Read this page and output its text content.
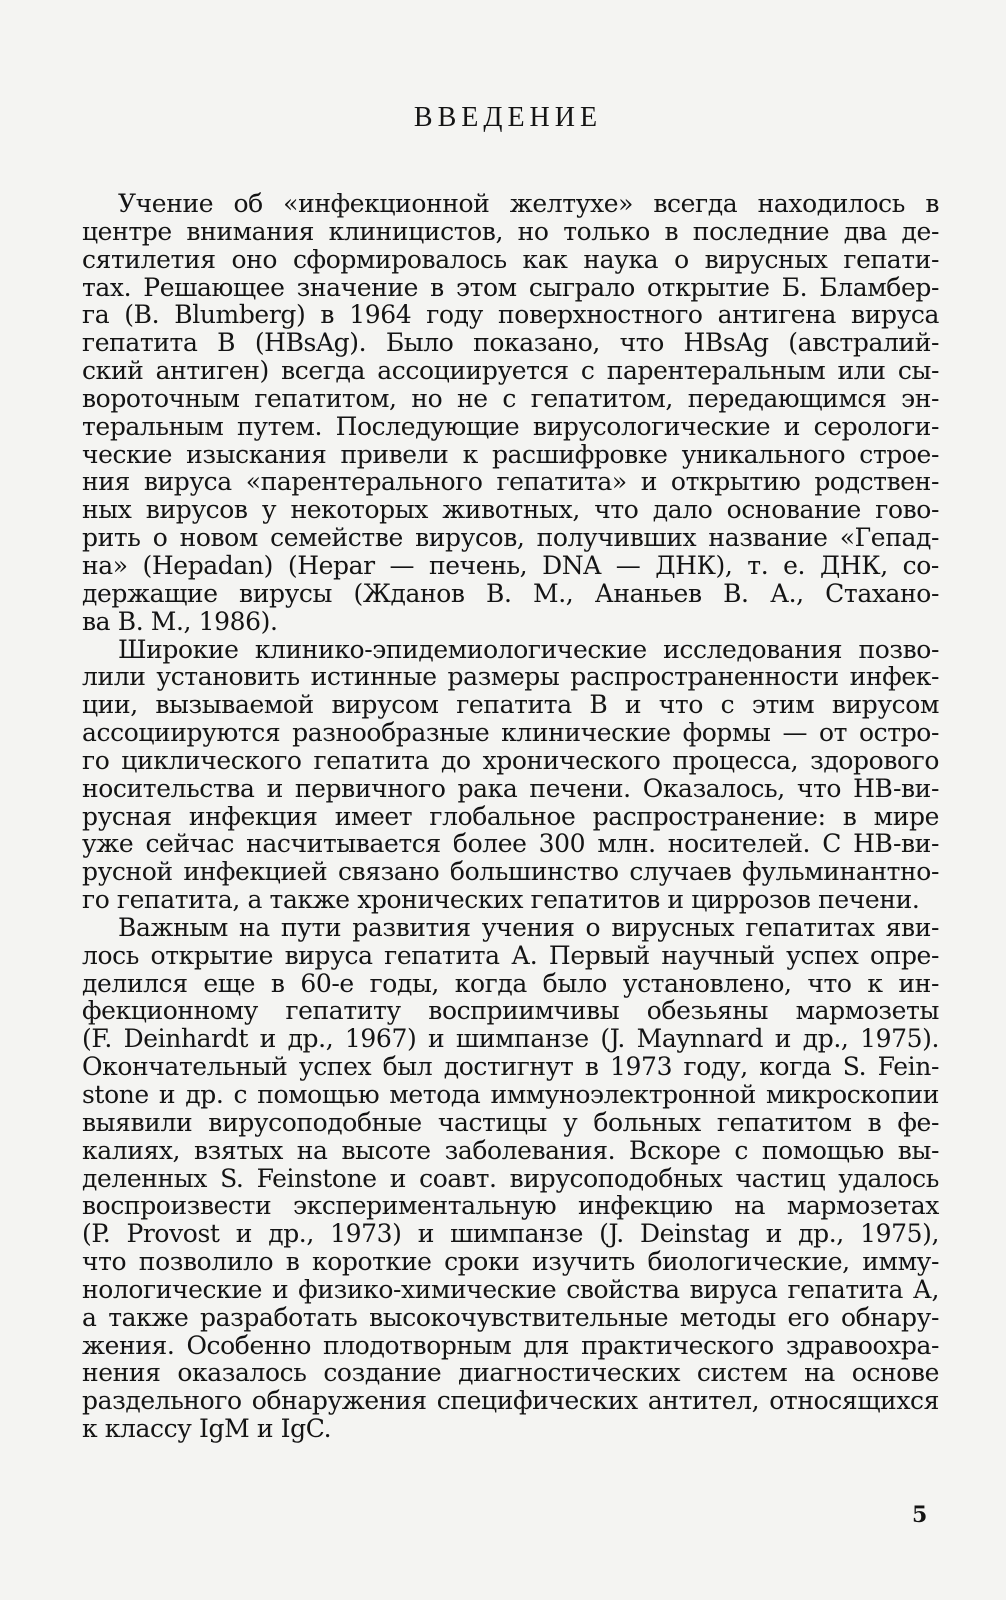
ВВЕДЕНИЕ
Учение об «инфекционной желтухе» всегда находилось в
центре внимания клиницистов, но только в последние два де-
сятилетия оно сформировалось как наука о вирусных гепати-
тах. Решающее значение в этом сыграло открытие Б. Бламбер-
га (B. Blumberg) в 1964 году поверхностного антигена вируса
гепатита В (HBsAg). Было показано, что HBsAg (австралий-
ский антиген) всегда ассоциируется с парентеральным или сы-
вороточным гепатитом, но не с гепатитом, передающимся эн-
теральным путем. Последующие вирусологические и серологи-
ческие изыскания привели к расшифровке уникального строе-
ния вируса «парентерального гепатита» и открытию родствен-
ных вирусов у некоторых животных, что дало основание гово-
рить о новом семействе вирусов, получивших название «Гепад-
на» (Hepadan) (Hepar — печень, DNA — ДНК), т. е. ДНК, со-
держащие вирусы (Жданов В. М., Ананьев В. А., Стахано-
ва В. М., 1986).
Широкие клинико-эпидемиологические исследования позво-
лили установить истинные размеры распространенности инфек-
ции, вызываемой вирусом гепатита В и что с этим вирусом
ассоциируются разнообразные клинические формы — от остро-
го циклического гепатита до хронического процесса, здорового
носительства и первичного рака печени. Оказалось, что HB-ви-
русная инфекция имеет глобальное распространение: в мире
уже сейчас насчитывается более 300 млн. носителей. С HB-ви-
русной инфекцией связано большинство случаев фульминантно-
го гепатита, а также хронических гепатитов и циррозов печени.
Важным на пути развития учения о вирусных гепатитах яви-
лось открытие вируса гепатита А. Первый научный успех опре-
делился еще в 60-е годы, когда было установлено, что к ин-
фекционному гепатиту восприимчивы обезьяны мармозеты
(F. Deinhardt и др., 1967) и шимпанзе (J. Maynnard и др., 1975).
Окончательный успех был достигнут в 1973 году, когда S. Fein-
stone и др. с помощью метода иммуноэлектронной микроскопии
выявили вирусоподобные частицы у больных гепатитом в фе-
калиях, взятых на высоте заболевания. Вскоре с помощью вы-
деленных S. Feinstone и соавт. вирусоподобных частиц удалось
воспроизвести экспериментальную инфекцию на мармозетах
(P. Provost и др., 1973) и шимпанзе (J. Deinstag и др., 1975),
что позволило в короткие сроки изучить биологические, имму-
нологические и физико-химические свойства вируса гепатита А,
а также разработать высокочувствительные методы его обнару-
жения. Особенно плодотворным для практического здравоохра-
нения оказалось создание диагностических систем на основе
раздельного обнаружения специфических антител, относящихся
к классу IgM и IgC.
5
